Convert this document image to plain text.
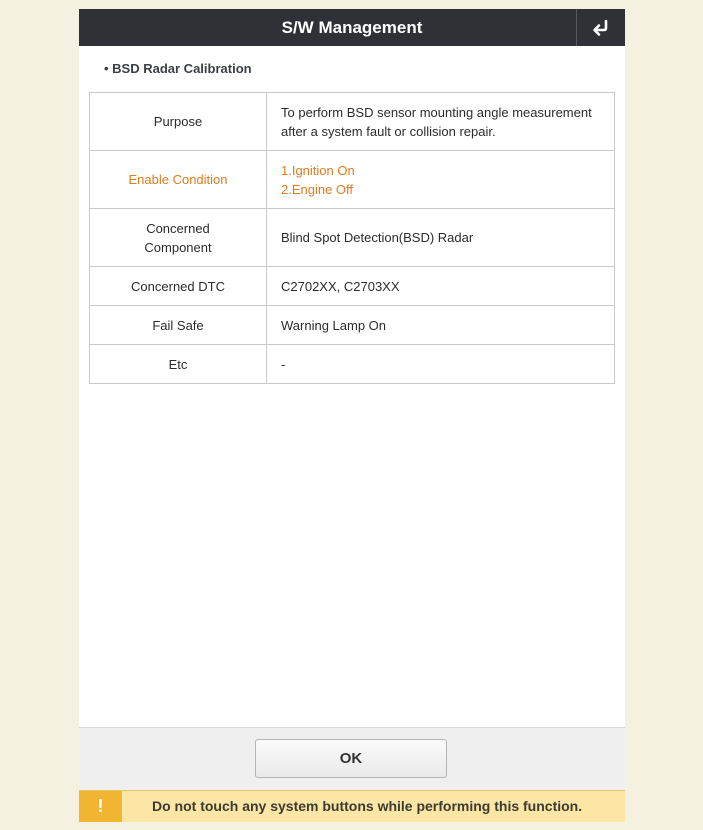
S/W Management
• BSD Radar Calibration
Purpose	To perform BSD sensor mounting angle measurement
after a system fault or collision repair.
Enable Condition	1.Ignition On
2.Engine Off
Concerned
Component	Blind Spot Detection(BSD) Radar
Concerned DTC	C2702XX, C2703XX
Fail Safe	Warning Lamp On
Etc	-
OK
!	Do not touch any system buttons while performing this function.
